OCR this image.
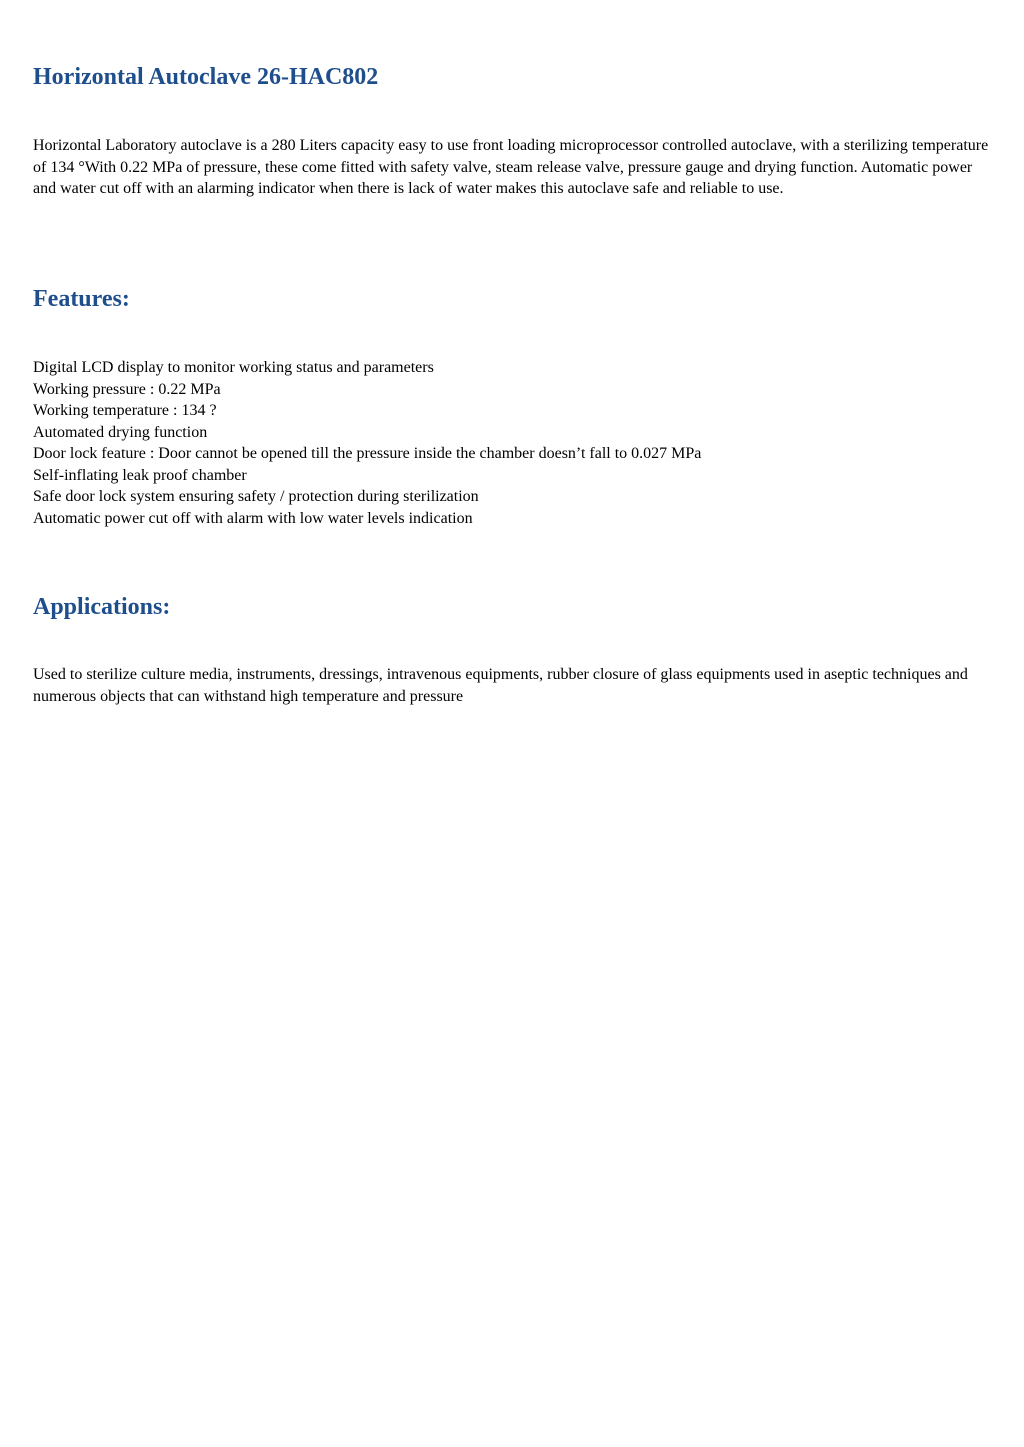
Horizontal Autoclave 26-HAC802

Horizontal Laboratory autoclave is a 280 Liters capacity easy to use front loading microprocessor controlled autoclave, with a sterilizing temperature of 134 °With 0.22 MPa of pressure, these come fitted with safety valve, steam release valve, pressure gauge and drying function. Automatic power and water cut off with an alarming indicator when there is lack of water makes this autoclave safe and reliable to use.

Features:
Digital LCD display to monitor working status and parameters
Working pressure : 0.22 MPa
Working temperature : 134 ?
Automated drying function
Door lock feature : Door cannot be opened till the pressure inside the chamber doesn’t fall to 0.027 MPa
Self-inflating leak proof chamber
Safe door lock system ensuring safety / protection during sterilization
Automatic power cut off with alarm with low water levels indication
Applications:

Used to sterilize culture media, instruments, dressings, intravenous equipments, rubber closure of glass equipments used in aseptic techniques and numerous objects that can withstand high temperature and pressure
